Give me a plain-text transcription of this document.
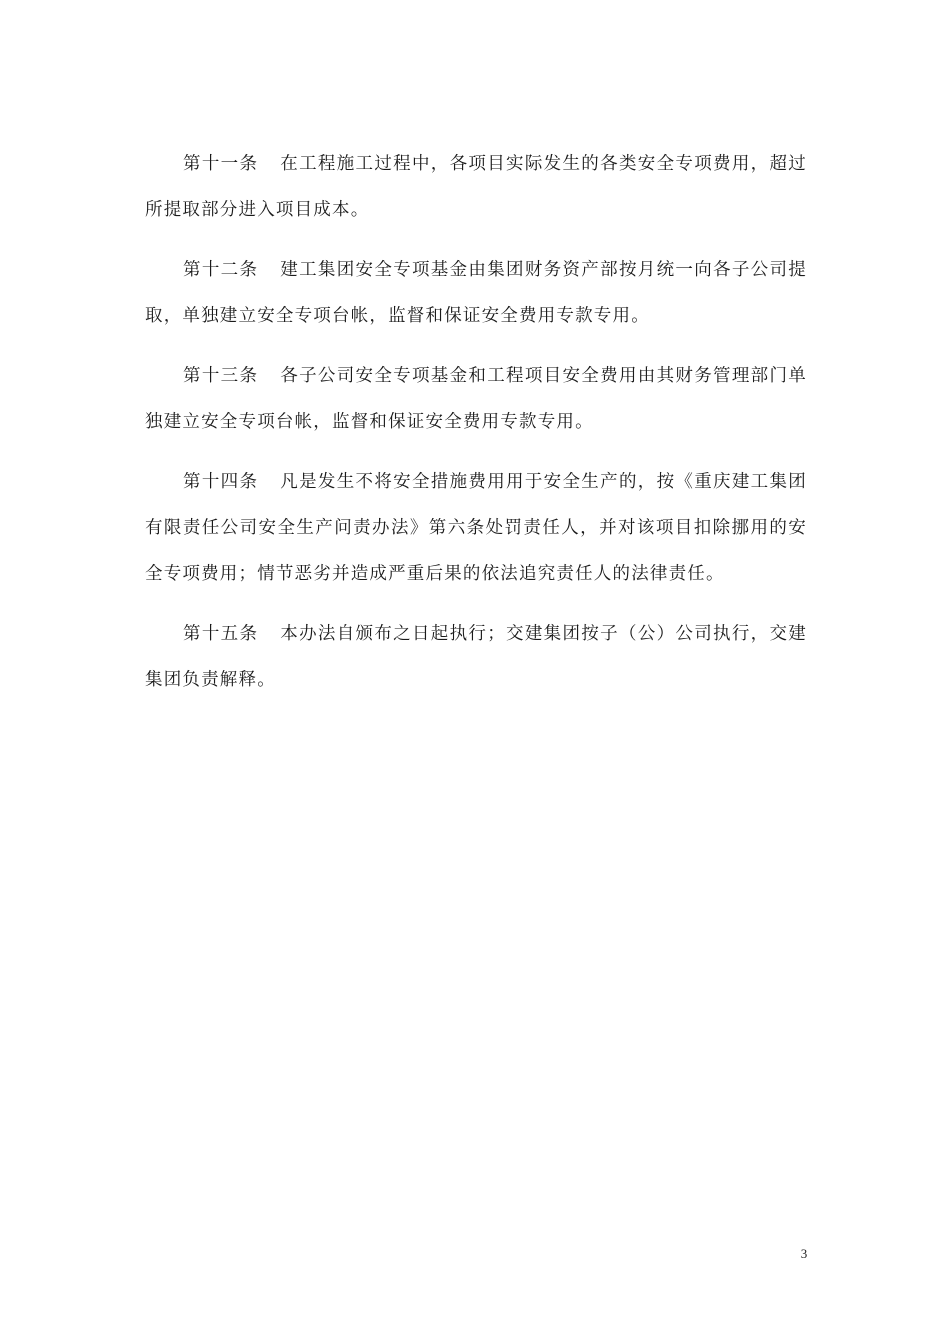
第十一条 在工程施工过程中，各项目实际发生的各类安全专项费用，超过所提取部分进入项目成本。

第十二条 建工集团安全专项基金由集团财务资产部按月统一向各子公司提取，单独建立安全专项台帐，监督和保证安全费用专款专用。

第十三条 各子公司安全专项基金和工程项目安全费用由其财务管理部门单独建立安全专项台帐，监督和保证安全费用专款专用。

第十四条 凡是发生不将安全措施费用用于安全生产的，按《重庆建工集团有限责任公司安全生产问责办法》第六条处罚责任人，并对该项目扣除挪用的安全专项费用；情节恶劣并造成严重后果的依法追究责任人的法律责任。

第十五条 本办法自颁布之日起执行；交建集团按子（公）公司执行，交建集团负责解释。

3
